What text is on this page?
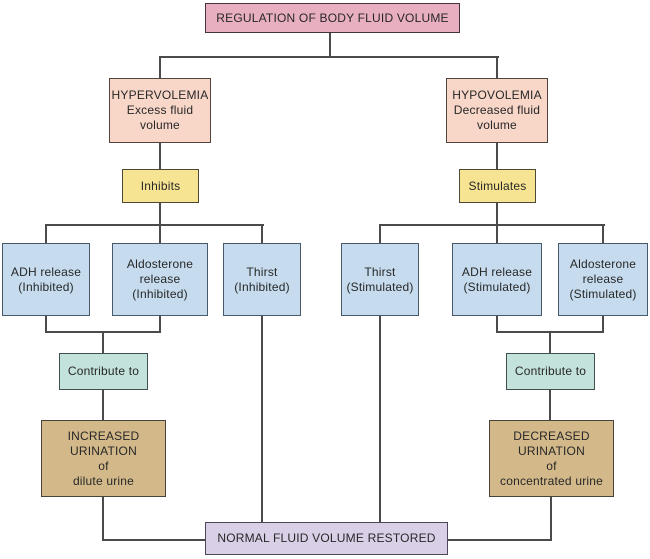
REGULATION OF BODY FLUID VOLUME
HYPERVOLEMIA
Excess fluid
volume
HYPOVOLEMIA
Decreased fluid
volume
Inhibits	Stimulates
ADH release
(Inhibited)
Aldosterone
release
(Inhibited)
Thirst
(Inhibited)
Thirst
(Stimulated)
ADH release
(Stimulated)
Aldosterone
release
(Stimulated)
Contribute to	Contribute to
INCREASED
URINATION
of
dilute urine
DECREASED
URINATION
of
concentrated urine
NORMAL FLUID VOLUME RESTORED
